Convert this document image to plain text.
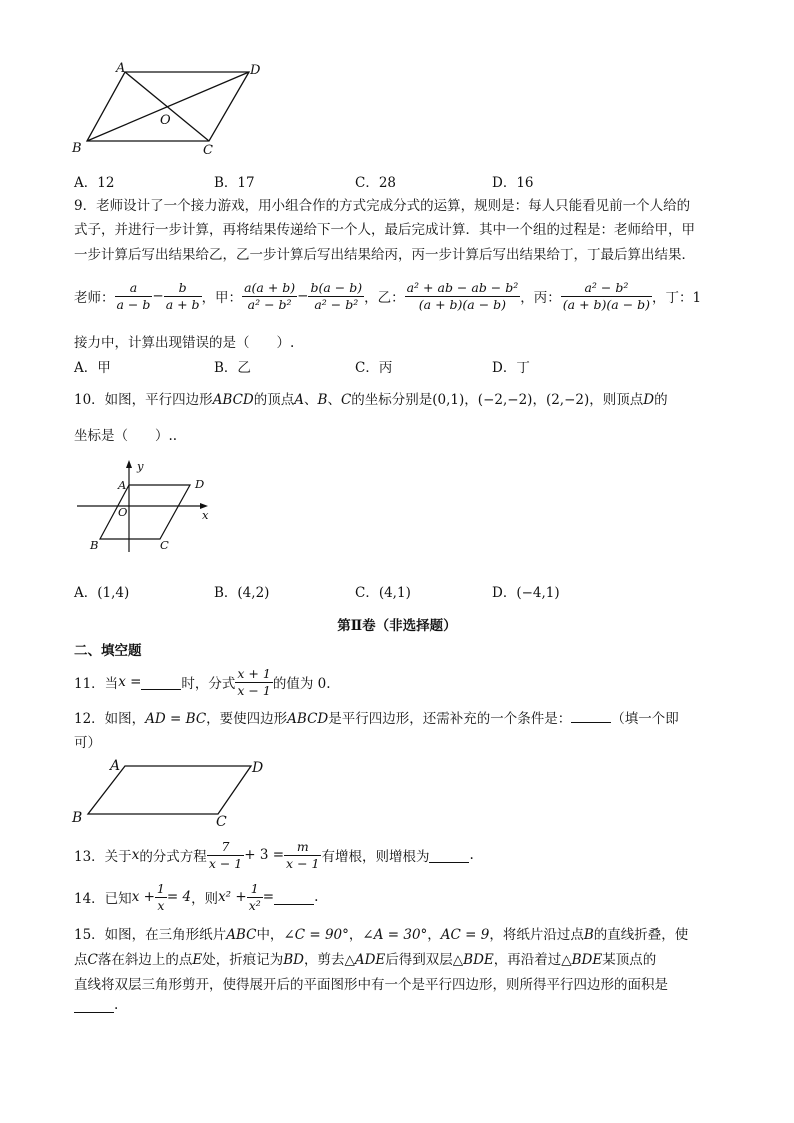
A	D
O
B	C
A．12	B．17	C．28	D．16
9．老师设计了一个接力游戏，用小组合作的方式完成分式的运算，规则是：每人只能看见前一个人给的
式子，并进行一步计算，再将结果传递给下一个人，最后完成计算．其中一个组的过程是：老师给甲，甲
一步计算后写出结果给乙，乙一步计算后写出结果给丙，丙一步计算后写出结果给丁，丁最后算出结果．
老师： $\frac{a}{a - b} - \frac{b}{a + b}$ ，甲： $\frac{a(a + b)}{\text{a² − b²}} - \frac{b(a - b)}{\text{a² − b²}}$ ，乙： $\frac{\text{a² + ab − ab − b²}}{(a + b)(a - b)}$ ，丙： $\frac{\text{a² − b²}}{(a + b)(a - b)}$ ，丁：1
接力中，计算出现错误的是（　　）.
A．甲	B．乙	C．丙	D．丁
10．如图，平行四边形ABCD的顶点A、B、C的坐标分别是(0,1)，(−2,−2)，(2,−2)，则顶点D的
坐标是（　　）..
y
x
A	D
O
B	C
A．(1,4)	B．(4,2)	C．(4,1)	D．(−4,1)
第Ⅱ卷（非选择题）
二、填空题
11．当 x =	时，分式 $\frac{x + 1}{x - 1}$ 的值为 0.
12．如图，AD = BC，要使四边形ABCD是平行四边形，还需补充的一个条件是：	（填一个即
可）
A	D
B	C
13．关于 x 的分式方程 $\frac{7}{x - 1} + 3 = \frac{m}{x - 1}$ 有增根，则增根为	.
14．已知 $x + \frac{1}{x} = 4$ ，则 $x^2 + \frac{1}{\text{x²}}$ =	.
15．如图，在三角形纸片ABC中，∠C = 90°，∠A = 30°，AC = 9，将纸片沿过点B的直线折叠，使
点C落在斜边上的点E处，折痕记为BD，剪去△ADE后得到双层△BDE，再沿着过△BDE某顶点的
直线将双层三角形剪开，使得展开后的平面图形中有一个是平行四边形，则所得平行四边形的面积是
.
